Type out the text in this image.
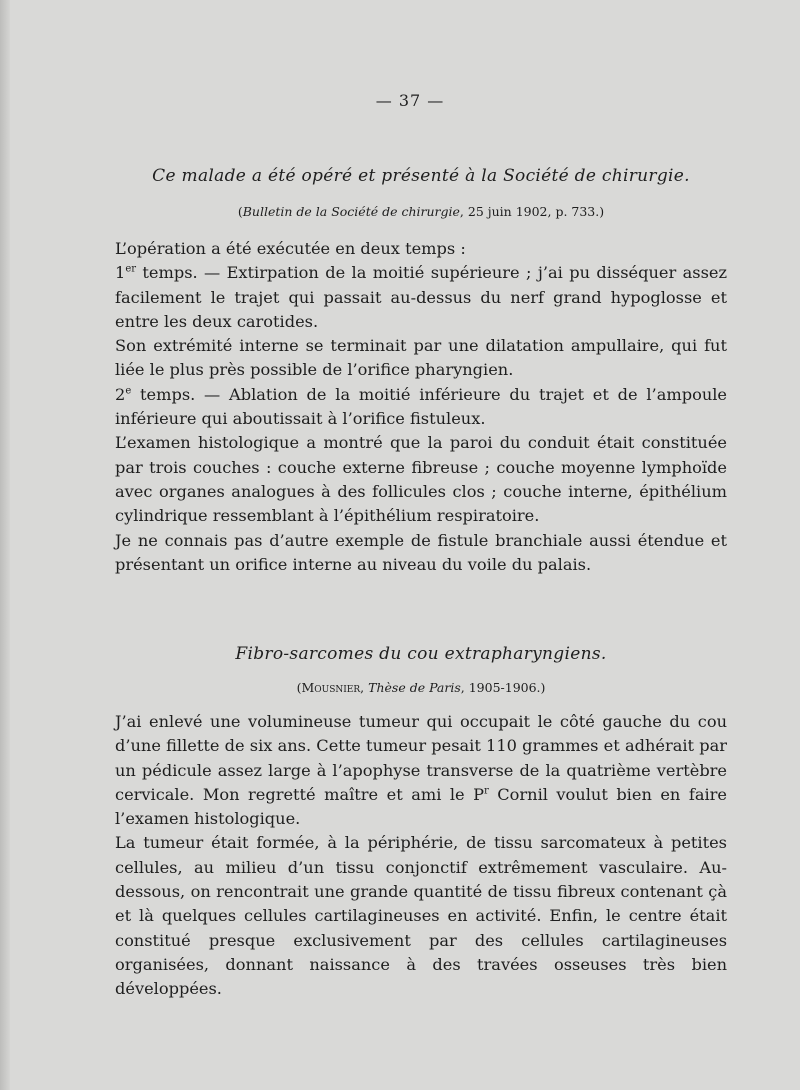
— 37 —
Ce malade a été opéré et présenté à la Société de chirurgie.
(Bulletin de la Société de chirurgie, 25 juin 1902, p. 733.)

L’opération a été exécutée en deux temps :

1er temps. — Extirpation de la moitié supérieure ; j’ai pu disséquer assez facilement le trajet qui passait au-dessus du nerf grand hypoglosse et entre les deux carotides.

Son extrémité interne se terminait par une dilatation ampullaire, qui fut liée le plus près possible de l’orifice pharyngien.

2e temps. — Ablation de la moitié inférieure du trajet et de l’ampoule inférieure qui aboutissait à l’orifice fistuleux.

L’examen histologique a montré que la paroi du conduit était constituée par trois couches : couche externe fibreuse ; couche moyenne lymphoïde avec organes analogues à des follicules clos ; couche interne, épithélium cylindrique ressemblant à l’épithélium respiratoire.

Je ne connais pas d’autre exemple de fistule branchiale aussi étendue et présentant un orifice interne au niveau du voile du palais.

Fibro-sarcomes du cou extrapharyngiens.
(Mousnier, Thèse de Paris, 1905-1906.)

J’ai enlevé une volumineuse tumeur qui occupait le côté gauche du cou d’une fillette de six ans. Cette tumeur pesait 110 grammes et adhérait par un pédicule assez large à l’apophyse transverse de la quatrième vertèbre cervicale. Mon regretté maître et ami le $P^r$ Cornil voulut bien en faire l’examen histologique.

La tumeur était formée, à la périphérie, de tissu sarcomateux à petites cellules, au milieu d’un tissu conjonctif extrêmement vasculaire. Au-dessous, on rencontrait une grande quantité de tissu fibreux contenant çà et là quelques cellules cartilagineuses en activité. Enfin, le centre était constitué presque exclusivement par des cellules cartilagineuses organisées, donnant naissance à des travées osseuses très bien développées.
